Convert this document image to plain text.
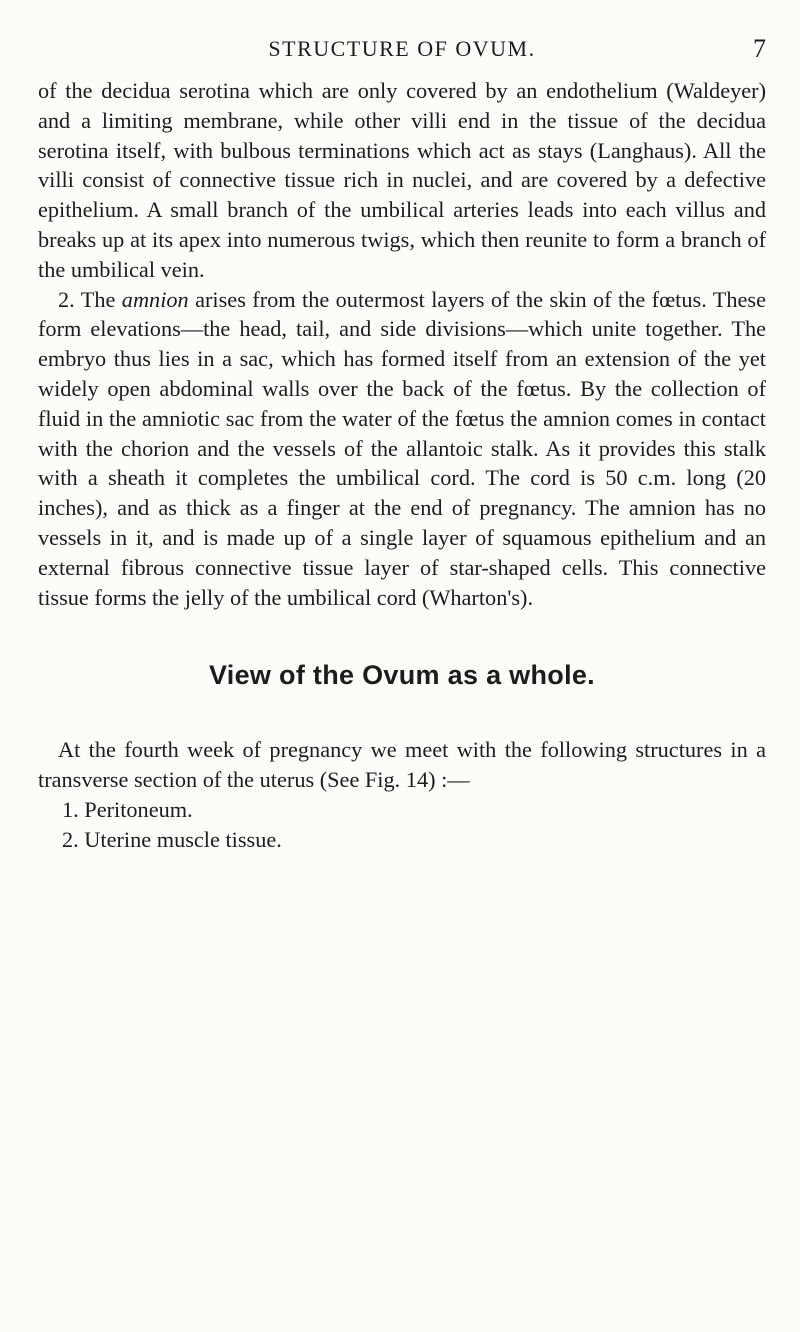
STRUCTURE OF OVUM.	7

of the decidua serotina which are only covered by an endothelium (Waldeyer) and a limiting membrane, while other villi end in the tissue of the decidua serotina itself, with bulbous terminations which act as stays (Langhaus). All the villi consist of connective tissue rich in nuclei, and are covered by a defective epithelium. A small branch of the umbilical arteries leads into each villus and breaks up at its apex into numerous twigs, which then reunite to form a branch of the umbilical vein.

2. The amnion arises from the outermost layers of the skin of the fœtus. These form elevations—the head, tail, and side divisions—which unite together. The embryo thus lies in a sac, which has formed itself from an extension of the yet widely open abdominal walls over the back of the fœtus. By the collection of fluid in the amniotic sac from the water of the fœtus the amnion comes in contact with the chorion and the vessels of the allantoic stalk. As it provides this stalk with a sheath it completes the umbilical cord. The cord is 50 c.m. long (20 inches), and as thick as a finger at the end of pregnancy. The amnion has no vessels in it, and is made up of a single layer of squamous epithelium and an external fibrous connective tissue layer of star-shaped cells. This connective tissue forms the jelly of the umbilical cord (Wharton's).

View of the Ovum as a whole.

At the fourth week of pregnancy we meet with the following structures in a transverse section of the uterus (See Fig. 14) :—

1. Peritoneum.
2. Uterine muscle tissue.
